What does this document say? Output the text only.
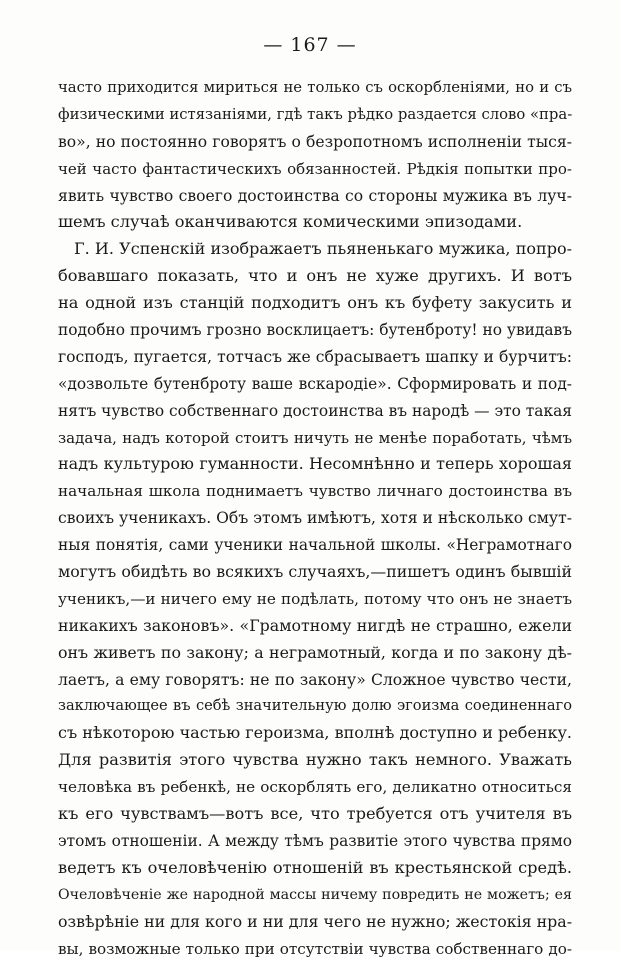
— 167 —
часто приходится мириться не только съ оскорбленіями, но и съ
физическими истязаніями, гдѣ такъ рѣдко раздается слово «пра-
во», но постоянно говорятъ о безропотномъ исполненіи тыся-
чей часто фантастическихъ обязанностей. Рѣдкія попытки про-
явить чувство своего достоинства со стороны мужика въ луч-
шемъ случаѣ оканчиваются комическими эпизодами.
Г. И. Успенскій изображаетъ пьяненькаго мужика, попро-
бовавшаго показать, что и онъ не хуже другихъ. И вотъ
на одной изъ станцій подходитъ онъ къ буфету закусить и
подобно прочимъ грозно восклицаетъ: бутенброту! но увидавъ
господъ, пугается, тотчасъ же сбрасываетъ шапку и бурчитъ:
«дозвольте бутенброту ваше вскародіе». Сформировать и под-
нятъ чувство собственнаго достоинства въ народѣ — это такая
задача, надъ которой стоитъ ничуть не менѣе поработать, чѣмъ
надъ культурою гуманности. Несомнѣнно и теперь хорошая
начальная школа поднимаетъ чувство личнаго достоинства въ
своихъ ученикахъ. Объ этомъ имѣютъ, хотя и нѣсколько смут-
ныя понятія, сами ученики начальной школы. «Неграмотнаго
могутъ обидѣть во всякихъ случаяхъ,—пишетъ одинъ бывшій
ученикъ,—и ничего ему не подѣлать, потому что онъ не знаетъ
никакихъ законовъ». «Грамотному нигдѣ не страшно, ежели
онъ живетъ по закону; а неграмотный, когда и по закону дѣ-
лаетъ, а ему говорятъ: не по закону» Сложное чувство чести,
заключающее въ себѣ значительную долю эгоизма соединеннаго
съ нѣкоторою частью героизма, вполнѣ доступно и ребенку.
Для развитія этого чувства нужно такъ немного. Уважать
человѣка въ ребенкѣ, не оскорблять его, деликатно относиться
къ его чувствамъ—вотъ все, что требуется отъ учителя въ
этомъ отношеніи. А между тѣмъ развитіе этого чувства прямо
ведетъ къ очеловѣченію отношеній въ крестьянской средѣ.
Очеловѣченіе же народной массы ничему повредить не можетъ; ея
озвѣрѣніе ни для кого и ни для чего не нужно; жестокія нра-
вы, возможные только при отсутствіи чувства собственнаго до-
